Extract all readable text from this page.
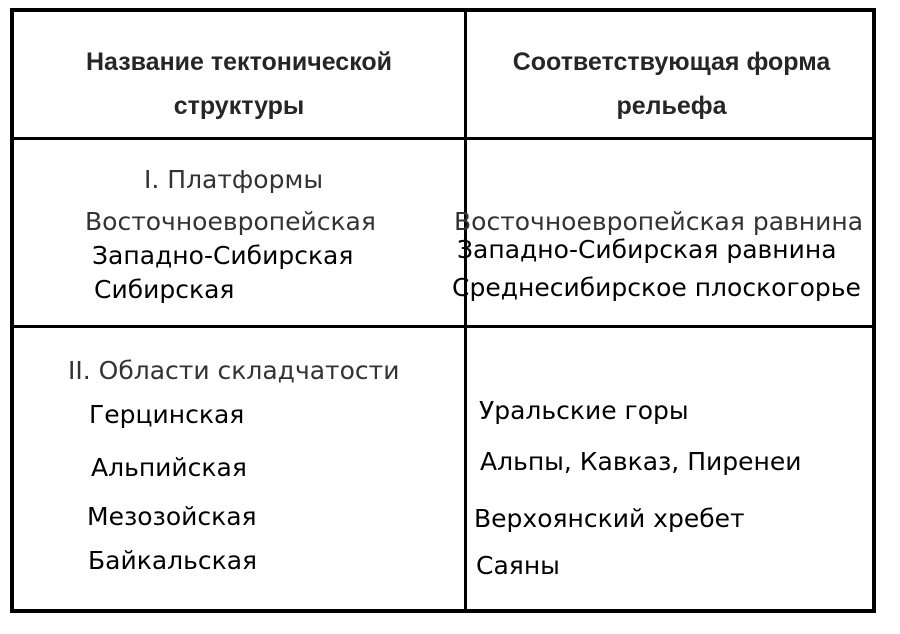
Название тектонической
структуры
Соответствующая форма
рельефа
I. Платформы
Восточноевропейская
Западно-Сибирская
Сибирская
Восточноевропейская равнина
Западно-Сибирская равнина
Среднесибирское плоскогорье
II. Области складчатости
Герцинская
Альпийская
Мезозойская
Байкальская
Уральские горы
Альпы, Кавказ, Пиренеи
Верхоянский хребет
Саяны
